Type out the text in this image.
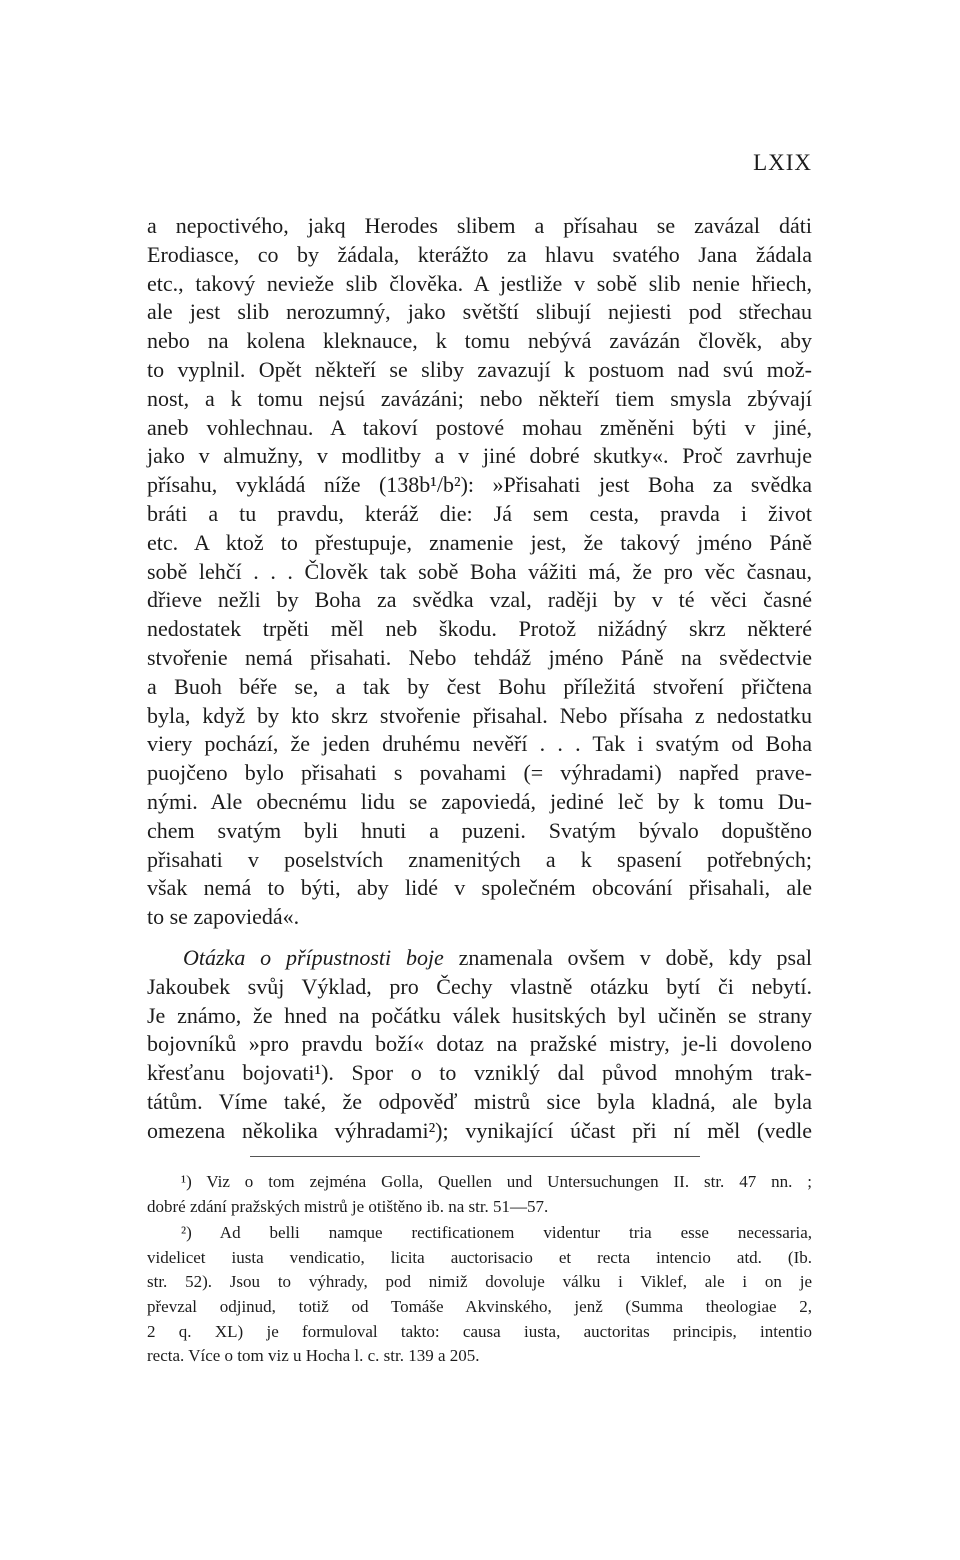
LXIX
a nepoctivého, jakq Herodes slibem a přísahau se zavázal dáti
Erodiasce, co by žádala, kterážto za hlavu svatého Jana žádala
etc., takový nevieže slib člověka. A jestliže v sobě slib nenie hřiech,
ale jest slib nerozumný, jako světští slibují nejiesti pod střechau
nebo na kolena kleknauce, k tomu nebývá zavázán člověk, aby
to vyplnil. Opět někteří se sliby zavazují k postuom nad svú mož-
nost, a k tomu nejsú zavázáni; nebo někteří tiem smysla zbývají
aneb vohlechnau. A takoví postové mohau změněni býti v jiné,
jako v almužny, v modlitby a v jiné dobré skutky«. Proč zavrhuje
přísahu, vykládá níže (138b¹/b²): »Přisahati jest Boha za svědka
bráti a tu pravdu, kteráž die: Já sem cesta, pravda i život
etc. A ktož to přestupuje, znamenie jest, že takový jméno Páně
sobě lehčí . . . Člověk tak sobě Boha vážiti má, že pro věc časnau,
dřieve nežli by Boha za svědka vzal, raději by v té věci časné
nedostatek trpěti měl neb škodu. Protož nižádný skrz některé
stvořenie nemá přisahati. Nebo tehdáž jméno Páně na svědectvie
a Buoh béře se, a tak by čest Bohu příležitá stvoření přičtena
byla, když by kto skrz stvořenie přisahal. Nebo přísaha z nedostatku
viery pochází, že jeden druhému nevěří . . . Tak i svatým od Boha
puojčeno bylo přisahati s povahami (= výhradami) napřed prave-
nými. Ale obecnému lidu se zapoviedá, jediné leč by k tomu Du-
chem svatým byli hnuti a puzeni. Svatým bývalo dopuštěno
přisahati v poselstvích znamenitých a k spasení potřebných;
však nemá to býti, aby lidé v společném obcování přisahali, ale
to se zapoviedá«.
Otázka o přípustnosti boje znamenala ovšem v době, kdy psal
Jakoubek svůj Výklad, pro Čechy vlastně otázku bytí či nebytí.
Je známo, že hned na počátku válek husitských byl učiněn se strany
bojovníků »pro pravdu boží« dotaz na pražské mistry, je-li dovoleno
křesťanu bojovati¹). Spor o to vzniklý dal původ mnohým trak-
tátům. Víme také, že odpověď mistrů sice byla kladná, ale byla
omezena několika výhradami²); vynikající účast při ní měl (vedle
¹) Viz o tom zejména Golla, Quellen und Untersuchungen II. str. 47 nn. ;
dobré zdání pražských mistrů je otištěno ib. na str. 51—57.
²) Ad belli namque rectificationem videntur tria esse necessaria,
videlicet iusta vendicatio, licita auctorisacio et recta intencio atd. (Ib.
str. 52). Jsou to výhrady, pod nimiž dovoluje válku i Viklef, ale i on je
převzal odjinud, totiž od Tomáše Akvinského, jenž (Summa theologiae 2,
2 q. XL) je formuloval takto: causa iusta, auctoritas principis, intentio
recta. Více o tom viz u Hocha l. c. str. 139 a 205.
